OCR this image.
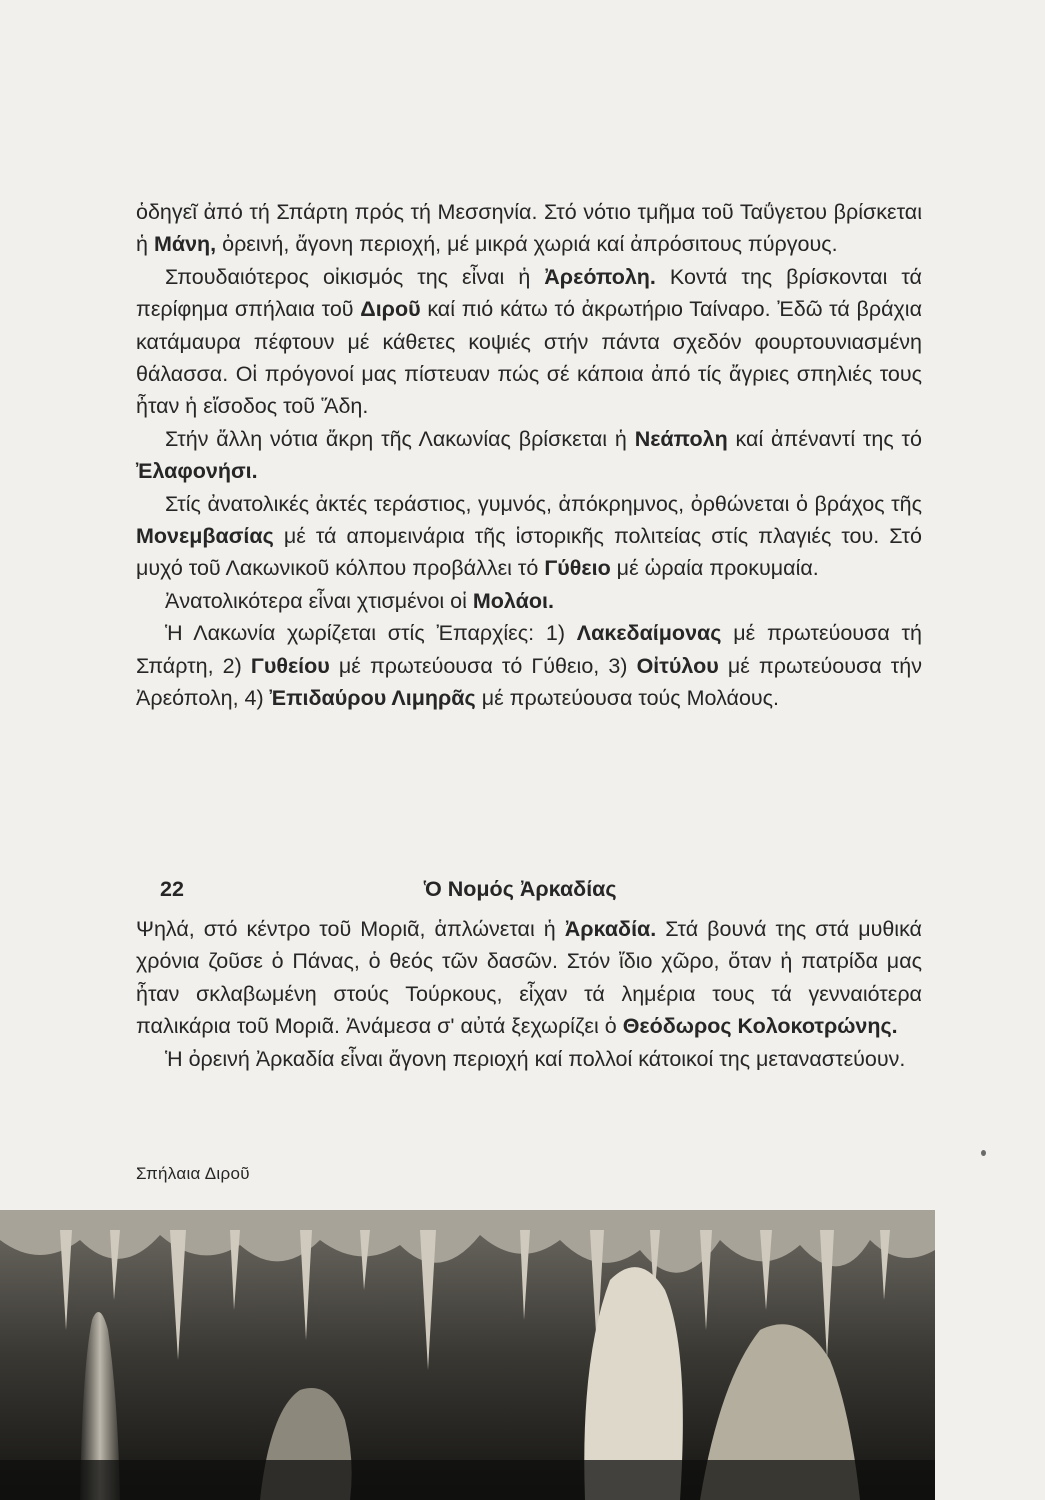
ὁδηγεῖ ἀπό τή Σπάρτη πρός τή Μεσσηνία. Στό νότιο τμῆμα τοῦ Ταΰγετου βρίσκεται ἡ Μάνη, ὀρεινή, ἄγονη περιοχή, μέ μικρά χωριά καί ἀπρόσιτους πύργους.

Σπουδαιότερος οἰκισμός της εἶναι ἡ Ἀρεόπολη. Κοντά της βρίσκονται τά περίφημα σπήλαια τοῦ Διροῦ καί πιό κάτω τό ἀκρωτήριο Ταίναρο. Ἐδῶ τά βράχια κατάμαυρα πέφτουν μέ κάθετες κοψιές στήν πάντα σχεδόν φουρτουνιασμένη θάλασσα. Οἱ πρόγονοί μας πίστευαν πώς σέ κάποια ἀπό τίς ἄγριες σπηλιές τους ἦταν ἡ εἴσοδος τοῦ Ἅδη.

Στήν ἄλλη νότια ἄκρη τῆς Λακωνίας βρίσκεται ἡ Νεάπολη καί ἀπέναντί της τό Ἐλαφονήσι.

Στίς ἀνατολικές ἀκτές τεράστιος, γυμνός, ἀπόκρημνος, ὀρθώνεται ὁ βράχος τῆς Μονεμβασίας μέ τά απομεινάρια τῆς ἱστορικῆς πολιτείας στίς πλαγιές του. Στό μυχό τοῦ Λακωνικοῦ κόλπου προβάλλει τό Γύθειο μέ ὡραία προκυμαία.

Ἀνατολικότερα εἶναι χτισμένοι οἱ Μολάοι.

Ἡ Λακωνία χωρίζεται στίς Ἐπαρχίες: 1) Λακεδαίμονας μέ πρωτεύουσα τή Σπάρτη, 2) Γυθείου μέ πρωτεύουσα τό Γύθειο, 3) Οἰτύλου μέ πρωτεύουσα τήν Ἀρεόπολη, 4) Ἐπιδαύρου Λιμηρᾶς μέ πρωτεύουσα τούς Μολάους.

22	Ὁ Νομός Ἀρκαδίας

Ψηλά, στό κέντρο τοῦ Μοριᾶ, ἁπλώνεται ἡ Ἀρκαδία. Στά βουνά της στά μυθικά χρόνια ζοῦσε ὁ Πάνας, ὁ θεός τῶν δασῶν. Στόν ἴδιο χῶρο, ὅταν ἡ πατρίδα μας ἦταν σκλαβωμένη στούς Τούρκους, εἶχαν τά λημέρια τους τά γενναιότερα παλικάρια τοῦ Μοριᾶ. Ἀνάμεσα σ' αὐτά ξεχωρίζει ὁ Θεόδωρος Κολοκοτρώνης.

Ἡ ὀρεινή Ἀρκαδία εἶναι ἄγονη περιοχή καί πολλοί κάτοικοί της μεταναστεύουν.

Σπήλαια Διροῦ
